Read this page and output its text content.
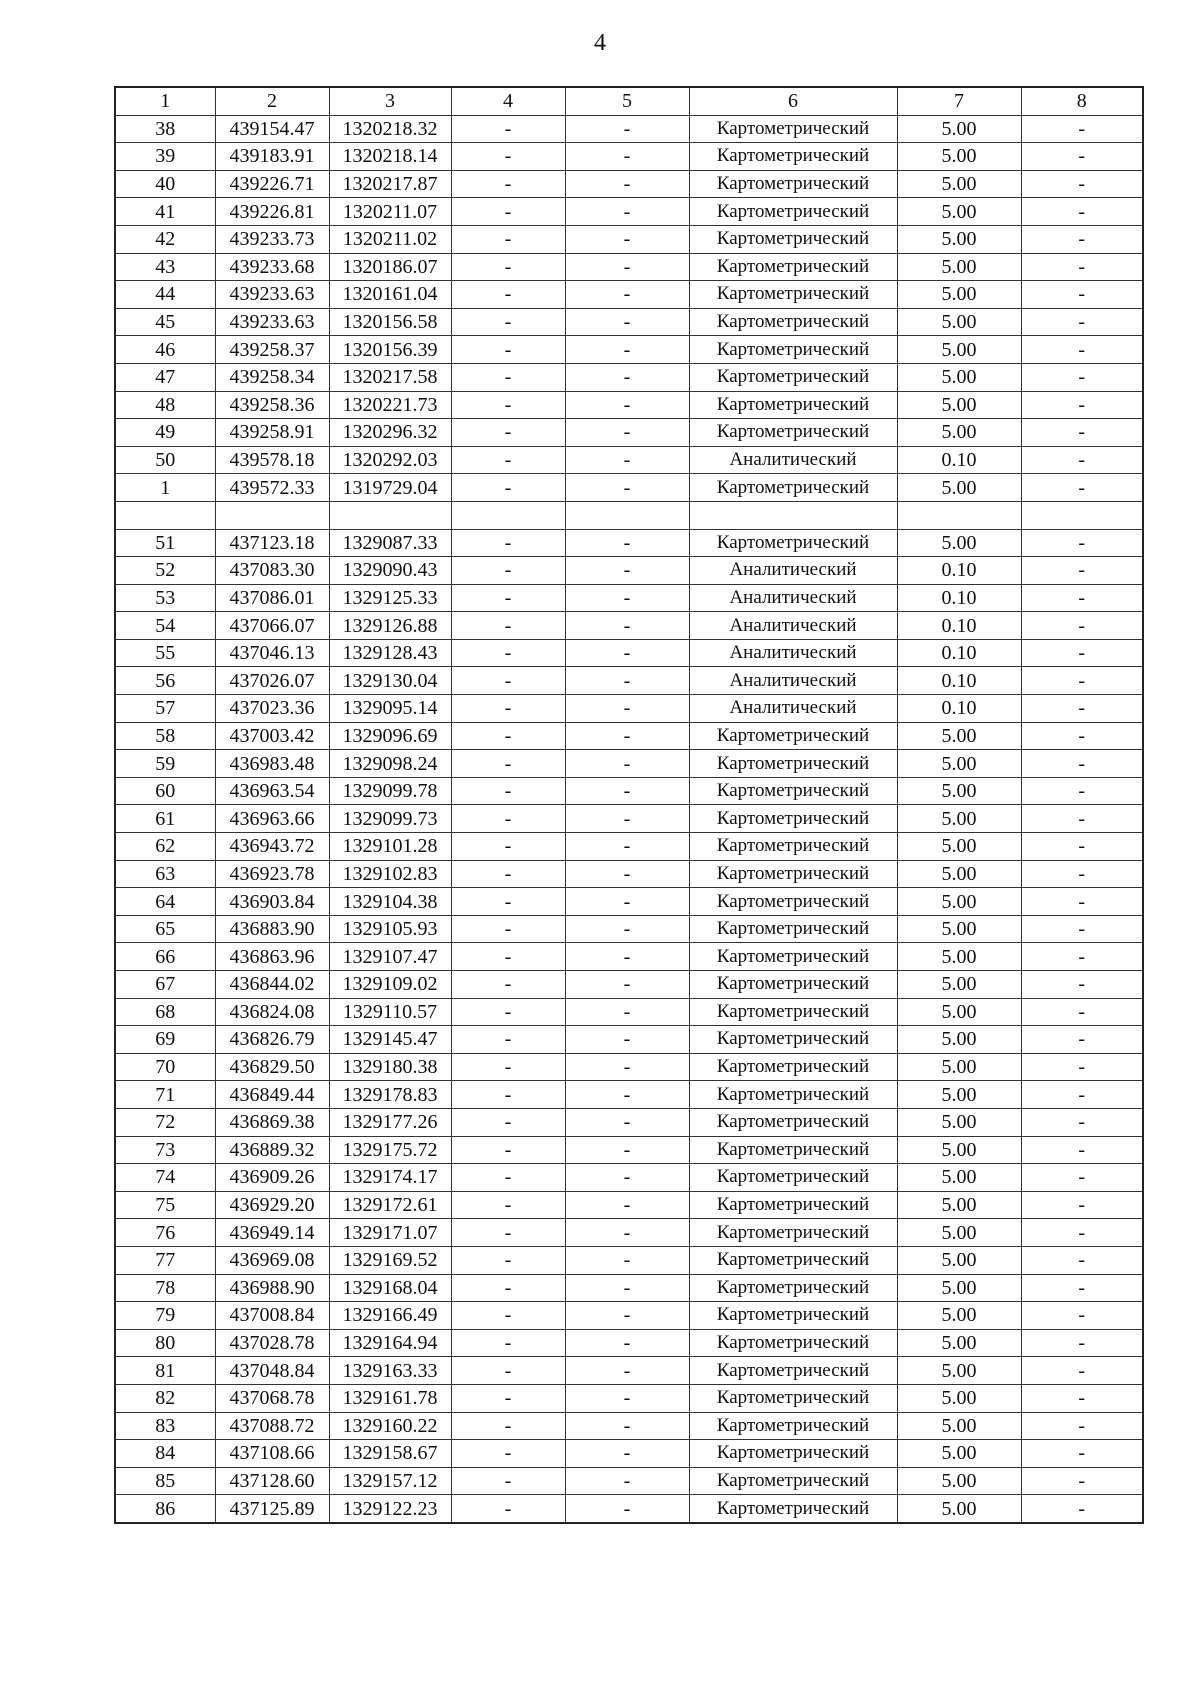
4
1	2	3	4	5	6	7	8
38	439154.47	1320218.32	-	-	Картометрический	5.00	-
39	439183.91	1320218.14	-	-	Картометрический	5.00	-
40	439226.71	1320217.87	-	-	Картометрический	5.00	-
41	439226.81	1320211.07	-	-	Картометрический	5.00	-
42	439233.73	1320211.02	-	-	Картометрический	5.00	-
43	439233.68	1320186.07	-	-	Картометрический	5.00	-
44	439233.63	1320161.04	-	-	Картометрический	5.00	-
45	439233.63	1320156.58	-	-	Картометрический	5.00	-
46	439258.37	1320156.39	-	-	Картометрический	5.00	-
47	439258.34	1320217.58	-	-	Картометрический	5.00	-
48	439258.36	1320221.73	-	-	Картометрический	5.00	-
49	439258.91	1320296.32	-	-	Картометрический	5.00	-
50	439578.18	1320292.03	-	-	Аналитический	0.10	-
1	439572.33	1319729.04	-	-	Картометрический	5.00	-

51	437123.18	1329087.33	-	-	Картометрический	5.00	-
52	437083.30	1329090.43	-	-	Аналитический	0.10	-
53	437086.01	1329125.33	-	-	Аналитический	0.10	-
54	437066.07	1329126.88	-	-	Аналитический	0.10	-
55	437046.13	1329128.43	-	-	Аналитический	0.10	-
56	437026.07	1329130.04	-	-	Аналитический	0.10	-
57	437023.36	1329095.14	-	-	Аналитический	0.10	-
58	437003.42	1329096.69	-	-	Картометрический	5.00	-
59	436983.48	1329098.24	-	-	Картометрический	5.00	-
60	436963.54	1329099.78	-	-	Картометрический	5.00	-
61	436963.66	1329099.73	-	-	Картометрический	5.00	-
62	436943.72	1329101.28	-	-	Картометрический	5.00	-
63	436923.78	1329102.83	-	-	Картометрический	5.00	-
64	436903.84	1329104.38	-	-	Картометрический	5.00	-
65	436883.90	1329105.93	-	-	Картометрический	5.00	-
66	436863.96	1329107.47	-	-	Картометрический	5.00	-
67	436844.02	1329109.02	-	-	Картометрический	5.00	-
68	436824.08	1329110.57	-	-	Картометрический	5.00	-
69	436826.79	1329145.47	-	-	Картометрический	5.00	-
70	436829.50	1329180.38	-	-	Картометрический	5.00	-
71	436849.44	1329178.83	-	-	Картометрический	5.00	-
72	436869.38	1329177.26	-	-	Картометрический	5.00	-
73	436889.32	1329175.72	-	-	Картометрический	5.00	-
74	436909.26	1329174.17	-	-	Картометрический	5.00	-
75	436929.20	1329172.61	-	-	Картометрический	5.00	-
76	436949.14	1329171.07	-	-	Картометрический	5.00	-
77	436969.08	1329169.52	-	-	Картометрический	5.00	-
78	436988.90	1329168.04	-	-	Картометрический	5.00	-
79	437008.84	1329166.49	-	-	Картометрический	5.00	-
80	437028.78	1329164.94	-	-	Картометрический	5.00	-
81	437048.84	1329163.33	-	-	Картометрический	5.00	-
82	437068.78	1329161.78	-	-	Картометрический	5.00	-
83	437088.72	1329160.22	-	-	Картометрический	5.00	-
84	437108.66	1329158.67	-	-	Картометрический	5.00	-
85	437128.60	1329157.12	-	-	Картометрический	5.00	-
86	437125.89	1329122.23	-	-	Картометрический	5.00	-
